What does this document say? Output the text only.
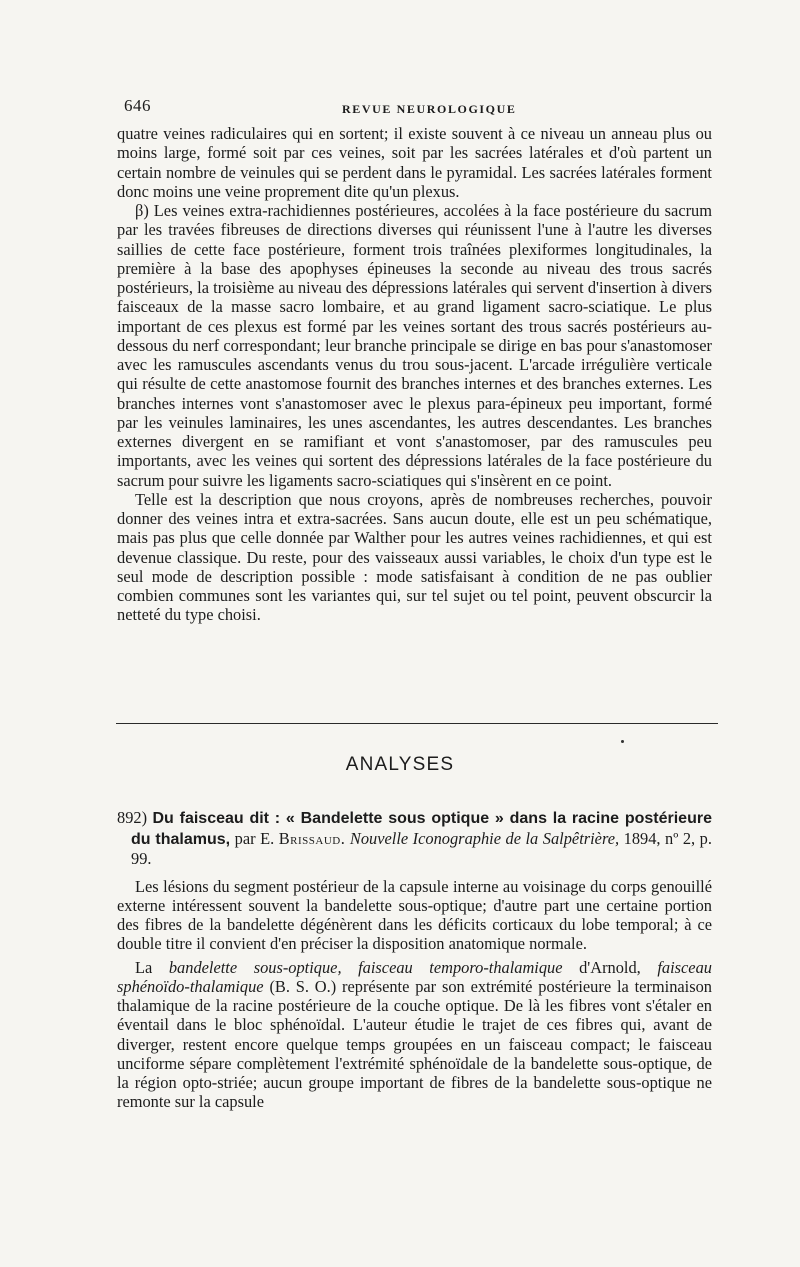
646	REVUE NEUROLOGIQUE

quatre veines radiculaires qui en sortent; il existe souvent à ce niveau un anneau plus ou moins large, formé soit par ces veines, soit par les sacrées latérales et d'où partent un certain nombre de veinules qui se perdent dans le pyramidal. Les sacrées latérales forment donc moins une veine proprement dite qu'un plexus.

β) Les veines extra-rachidiennes postérieures, accolées à la face postérieure du sacrum par les travées fibreuses de directions diverses qui réunissent l'une à l'autre les diverses saillies de cette face postérieure, forment trois traînées plexiformes longitudinales, la première à la base des apophyses épineuses la seconde au niveau des trous sacrés postérieurs, la troisième au niveau des dépressions latérales qui servent d'insertion à divers faisceaux de la masse sacro lombaire, et au grand ligament sacro-sciatique. Le plus important de ces plexus est formé par les veines sortant des trous sacrés postérieurs au-dessous du nerf correspondant; leur branche principale se dirige en bas pour s'anastomoser avec les ramuscules ascendants venus du trou sous-jacent. L'arcade irrégulière verticale qui résulte de cette anastomose fournit des branches internes et des branches externes. Les branches internes vont s'anastomoser avec le plexus para-épineux peu important, formé par les veinules laminaires, les unes ascendantes, les autres descendantes. Les branches externes divergent en se ramifiant et vont s'anastomoser, par des ramuscules peu importants, avec les veines qui sortent des dépressions latérales de la face postérieure du sacrum pour suivre les ligaments sacro-sciatiques qui s'insèrent en ce point.

Telle est la description que nous croyons, après de nombreuses recherches, pouvoir donner des veines intra et extra-sacrées. Sans aucun doute, elle est un peu schématique, mais pas plus que celle donnée par Walther pour les autres veines rachidiennes, et qui est devenue classique. Du reste, pour des vaisseaux aussi variables, le choix d'un type est le seul mode de description possible : mode satisfaisant à condition de ne pas oublier combien communes sont les variantes qui, sur tel sujet ou tel point, peuvent obscurcir la netteté du type choisi.

ANALYSES

892) Du faisceau dit : « Bandelette sous optique » dans la racine postérieure du thalamus, par E. Brissaud. Nouvelle Iconographie de la Salpêtrière, 1894, nº 2, p. 99.

Les lésions du segment postérieur de la capsule interne au voisinage du corps genouillé externe intéressent souvent la bandelette sous-optique; d'autre part une certaine portion des fibres de la bandelette dégénèrent dans les déficits corticaux du lobe temporal; à ce double titre il convient d'en préciser la disposition anatomique normale.

La bandelette sous-optique, faisceau temporo-thalamique d'Arnold, faisceau sphénoïdo-thalamique (B. S. O.) représente par son extrémité postérieure la terminaison thalamique de la racine postérieure de la couche optique. De là les fibres vont s'étaler en éventail dans le bloc sphénoïdal. L'auteur étudie le trajet de ces fibres qui, avant de diverger, restent encore quelque temps groupées en un faisceau compact; le faisceau unciforme sépare complètement l'extrémité sphénoïdale de la bandelette sous-optique, de la région opto-striée; aucun groupe important de fibres de la bandelette sous-optique ne remonte sur la capsule
